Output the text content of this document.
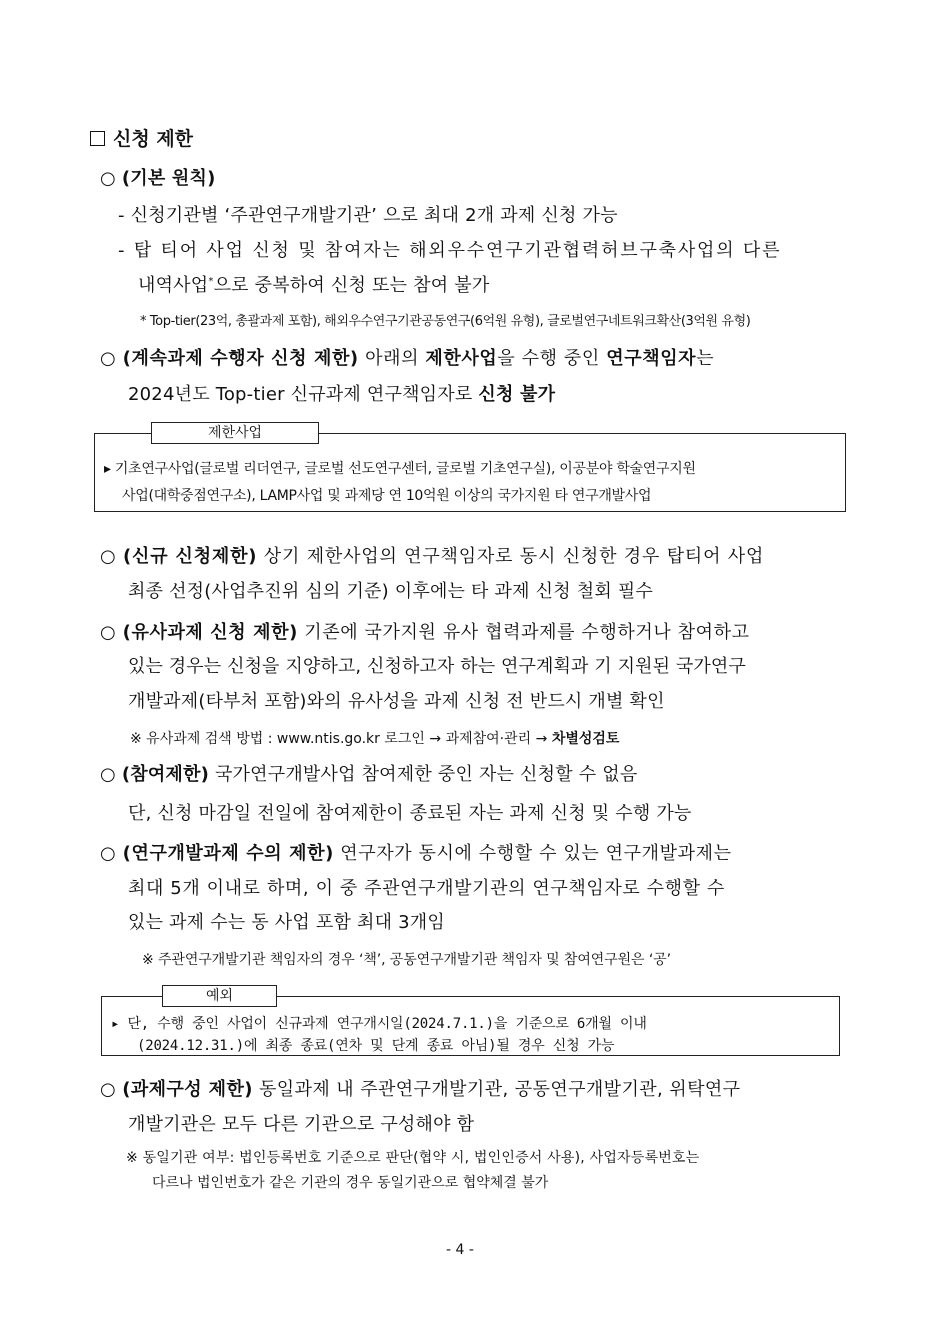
신청 제한
○ (기본 원칙)
- 신청기관별 ‘주관연구개발기관’ 으로 최대 2개 과제 신청 가능
- 탑 티어 사업 신청 및 참여자는 해외우수연구기관협력허브구축사업의 다른
내역사업*으로 중복하여 신청 또는 참여 불가
* Top-tier(23억, 총괄과제 포함), 해외우수연구기관공동연구(6억원 유형), 글로벌연구네트워크확산(3억원 유형)
○ (계속과제 수행자 신청 제한) 아래의 제한사업을 수행 중인 연구책임자는
2024년도 Top-tier 신규과제 연구책임자로 신청 불가
제한사업
▸ 기초연구사업(글로벌 리더연구, 글로벌 선도연구센터, 글로벌 기초연구실), 이공분야 학술연구지원
사업(대학중점연구소), LAMP사업 및 과제당 연 10억원 이상의 국가지원 타 연구개발사업
○ (신규 신청제한) 상기 제한사업의 연구책임자로 동시 신청한 경우 탑티어 사업
최종 선정(사업추진위 심의 기준) 이후에는 타 과제 신청 철회 필수
○ (유사과제 신청 제한) 기존에 국가지원 유사 협력과제를 수행하거나 참여하고
있는 경우는 신청을 지양하고, 신청하고자 하는 연구계획과 기 지원된 국가연구
개발과제(타부처 포함)와의 유사성을 과제 신청 전 반드시 개별 확인
※ 유사과제 검색 방법 : www.ntis.go.kr 로그인 → 과제참여·관리 → 차별성검토
○ (참여제한) 국가연구개발사업 참여제한 중인 자는 신청할 수 없음
단, 신청 마감일 전일에 참여제한이 종료된 자는 과제 신청 및 수행 가능
○ (연구개발과제 수의 제한) 연구자가 동시에 수행할 수 있는 연구개발과제는
최대 5개 이내로 하며, 이 중 주관연구개발기관의 연구책임자로 수행할 수
있는 과제 수는 동 사업 포함 최대 3개임
※ 주관연구개발기관 책임자의 경우 ‘책’, 공동연구개발기관 책임자 및 참여연구원은 ‘공’
예외
▸ 단, 수행 중인 사업이 신규과제 연구개시일(2024.7.1.)을 기준으로 6개월 이내
(2024.12.31.)에 최종 종료(연차 및 단계 종료 아님)될 경우 신청 가능
○ (과제구성 제한) 동일과제 내 주관연구개발기관, 공동연구개발기관, 위탁연구
개발기관은 모두 다른 기관으로 구성해야 함
※ 동일기관 여부: 법인등록번호 기준으로 판단(협약 시, 법인인증서 사용), 사업자등록번호는
다르나 법인번호가 같은 기관의 경우 동일기관으로 협약체결 불가
- 4 -
